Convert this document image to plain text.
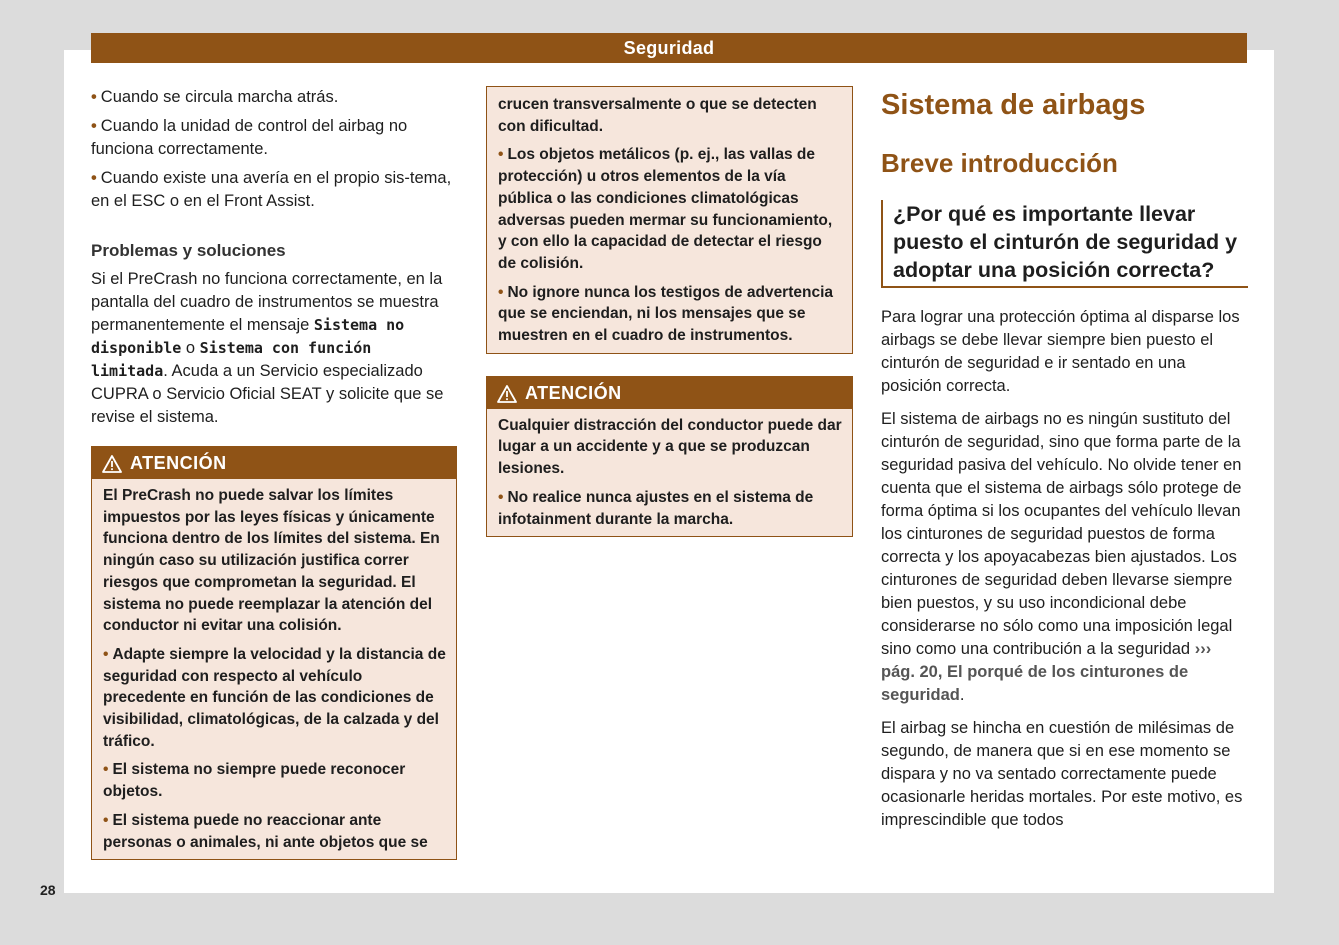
Seguridad

• Cuando se circula marcha atrás.

• Cuando la unidad de control del airbag no funciona correctamente.

• Cuando existe una avería en el propio sis-tema, en el ESC o en el Front Assist.

Problemas y soluciones

Si el PreCrash no funciona correctamente, en la pantalla del cuadro de instrumentos se muestra permanentemente el mensaje Sistema no disponible o Sistema con función limitada. Acuda a un Servicio especializado CUPRA o Servicio Oficial SEAT y solicite que se revise el sistema.

ATENCIÓN

El PreCrash no puede salvar los límites impuestos por las leyes físicas y únicamente funciona dentro de los límites del sistema. En ningún caso su utilización justifica correr riesgos que comprometan la seguridad. El sistema no puede reemplazar la atención del conductor ni evitar una colisión.

• Adapte siempre la velocidad y la distancia de seguridad con respecto al vehículo precedente en función de las condiciones de visibilidad, climatológicas, de la calzada y del tráfico.

• El sistema no siempre puede reconocer objetos.

• El sistema puede no reaccionar ante personas o animales, ni ante objetos que se

crucen transversalmente o que se detecten con dificultad.

• Los objetos metálicos (p. ej., las vallas de protección) u otros elementos de la vía pública o las condiciones climatológicas adversas pueden mermar su funcionamiento, y con ello la capacidad de detectar el riesgo de colisión.

• No ignore nunca los testigos de advertencia que se enciendan, ni los mensajes que se muestren en el cuadro de instrumentos.

ATENCIÓN

Cualquier distracción del conductor puede dar lugar a un accidente y a que se produzcan lesiones.

• No realice nunca ajustes en el sistema de infotainment durante la marcha.

Sistema de airbags
Breve introducción
¿Por qué es importante llevar puesto el cinturón de seguridad y adoptar una posición correcta?

Para lograr una protección óptima al disparse los airbags se debe llevar siempre bien puesto el cinturón de seguridad e ir sentado en una posición correcta.

El sistema de airbags no es ningún sustituto del cinturón de seguridad, sino que forma parte de la seguridad pasiva del vehículo. No olvide tener en cuenta que el sistema de airbags sólo protege de forma óptima si los ocupantes del vehículo llevan los cinturones de seguridad puestos de forma correcta y los apoyacabezas bien ajustados. Los cinturones de seguridad deben llevarse siempre bien puestos, y su uso incondicional debe considerarse no sólo como una imposición legal sino como una contribución a la seguridad ››› pág. 20, El porqué de los cinturones de seguridad.

El airbag se hincha en cuestión de milésimas de segundo, de manera que si en ese momento se dispara y no va sentado correctamente puede ocasionarle heridas mortales. Por este motivo, es imprescindible que todos

28
